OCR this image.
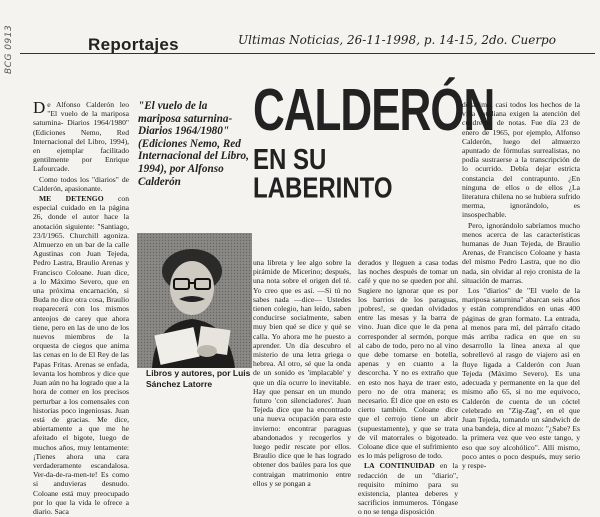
BCG 0913	Reportajes	Ultimas Noticias, 26-11-1998, p. 14-15, 2do. Cuerpo
D e Alfonso Calderón leo "El vuelo de la mariposa saturnina- Diarios 1964/1980" (Ediciones Nemo, Red Internacional del Libro, 1994), en ejemplar facilitado gentilmente por Enrique Lafourcade.

Como todos los "diarios" de Calderón, apasionante.

ME DETENGO con especial cuidado en la página 26, donde el autor hace la anotación siguiente: "Santiago, 23/I/1965. Churchill agoniza. Almuerzo en un bar de la calle Agustinas con Juan Tejeda, Pedro Lastra, Braulio Arenas y Francisco Coloane. Juan dice, a lo Máximo Severo, que en una próxima encarnación, si Buda no dice otra cosa, Braulio reaparecerá con los mismos anteojos de carey que ahora tiene, pero en las de uno de los nuevos miembros de la orquesta de ciegos que anima las cenas en lo de El Rey de las Papas Fritas. Arenas se enfada, levanta los hombros y dice que Juan aún no ha logrado que a la hora de comer en los precisos perturbar a los comensales con historias poco ingeniosas. Juan está de gracias. Me dice, abiertamente a que me he afeitado el bigote, luego de muchos años, muy lentamente: ¡Tienes ahora una cara verdaderamente escandalosa. Ver-da-de-ra-men-te! Es como si anduvieras desnudo. Coloane está muy preocupado por lo que la vida le ofrece a diario. Saca

"El vuelo de la mariposa saturnina- Diarios 1964/1980" (Ediciones Nemo, Red Internacional del Libro, 1994), por Alfonso Calderón
CALDERÓN
EN SU LABERINTO
Libros y autores, por Luis Sánchez Latorre

una libreta y lee algo sobre la pirámide de Micerino; después, una nota sobre el origen del té. Yo creo que es así. —Si tú no sabes nada —dice— Ustedes tienen colegio, han leído, saben conducirse socialmente, saben muy bien qué se dice y qué se calla. Yo ahora me he puesto a aprender. Un día descubro el misterio de una letra griega o hebrea. Al otro, sé que la onda de un sonido es 'implacable' y que un día ocurre lo inevitable. Hay que pensar en un mundo futuro 'con silenciadores'. Juan Tejeda dice que ha encontrado una nueva ocupación para este invierno: encontrar paraguas abandonados y recogerlos y luego pedir rescate por ellos. Braulio dice que le has logrado obtener dos baúles para los que contraigan matrimonio entre ellos y se pongan a

derados y lleguen a casa todas las noches después de tomar un café y que no se queden por ahí. Sugiere no ignorar que es por los barrios de los paraguas, ¡pobres!, se quedan olvidados entre las mesas y la barra de vino. Juan dice que le da pena corresponder al sermón, porque al cabo de todo, pero no al vino que debe tomarse en botella, apenas y en cuanto a la descorcha. Y no es extraño que en esto nos haya de traer esto, pero no de otra manera; es necesario. Él dice que en esto es cierto también. Coloane dice que el cerrojo tiene un abrir (supuestamente), y que se trata de vil matorrales o bigoteado. Coloane dice que el sufrimiento es lo más peligroso de todo.

LA CONTINUIDAD en la redacción de un "diario", requisito mínimo para su existencia, plantea deberes y sacrificios inmumeros. Tóngase o no se tenga disposición

de ánimo, casi todos los hechos de la vida cotidiana exigen la atención del cuadrerno de notas. Fue día 23 de enero de 1965, por ejemplo, Alfonso Calderón, luego del almuerzo apuntado de fórmulas surrealistas, no podía sustraerse a la transcripción de lo ocurrido. Debía dejar estricta constancia del contrapunto. ¿En ninguna de ellos o de ellos ¿La literatura chilena no se hubiera sufrido merma, ignorándolo, es insospechable.

Pero, ignorándolo sabríamos mucho menos acerca de las características humanas de Juan Tejeda, de Braulio Arenas, de Francisco Coloane y hasta del mismo Pedro Lastra, que no dio nada, sin olvidar al rejo cronista de la situación de marras.

Los "diarios" de "El vuelo de la mariposa saturnina" abarcan seis años y están comprendidos en unas 400 páginas de gran formato. La entrada, al menos para mí, del párrafo citado más arriba radica en que en su desarrollo la línea anexa al que sobrellevó al rasgo de viajero así en fluye ligada a Calderón con Juan Tejeda (Máximo Severo). Es una adecuada y permanente en la que del mismo año 65, si no me equivoco, Calderón de cuenta de un cóctel celebrado en "Zig-Zag", en el que Juan Tejeda, tomando un sándwich de una bandeja, dice al mozo: "¿Sabe? Es la primera vez que veo este tango, y eso que soy alcohólico". Allí mismo, poco antes o poco después, muy serio y respe-
